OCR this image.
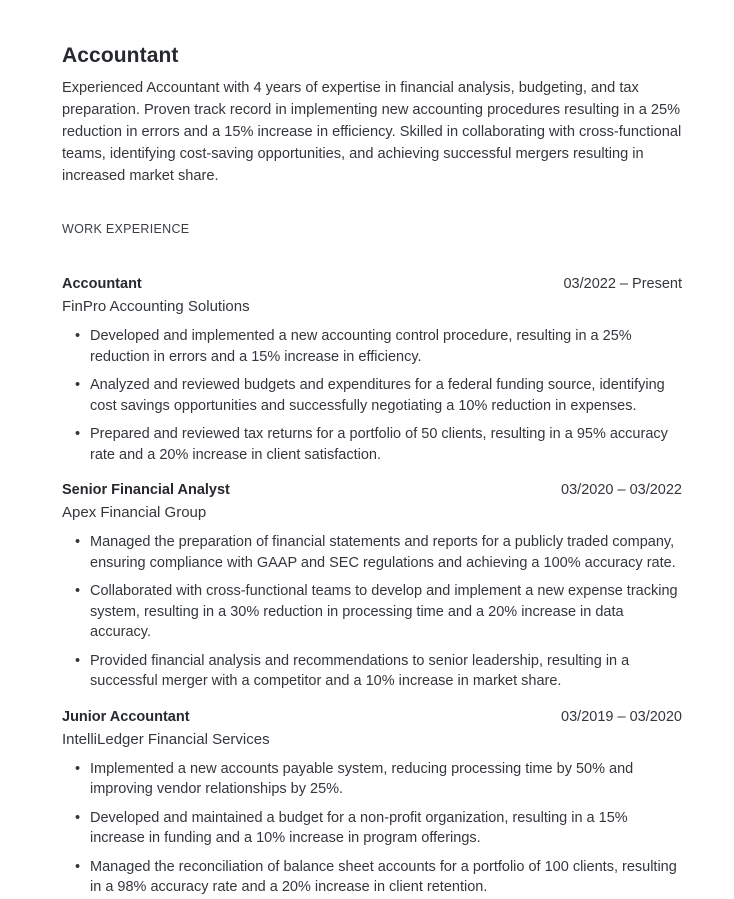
Accountant
Experienced Accountant with 4 years of expertise in financial analysis, budgeting, and tax preparation. Proven track record in implementing new accounting procedures resulting in a 25% reduction in errors and a 15% increase in efficiency. Skilled in collaborating with cross-functional teams, identifying cost-saving opportunities, and achieving successful mergers resulting in increased market share.
WORK EXPERIENCE
Accountant	03/2022 – Present
FinPro Accounting Solutions
• Developed and implemented a new accounting control procedure, resulting in a 25% reduction in errors and a 15% increase in efficiency.
• Analyzed and reviewed budgets and expenditures for a federal funding source, identifying cost savings opportunities and successfully negotiating a 10% reduction in expenses.
• Prepared and reviewed tax returns for a portfolio of 50 clients, resulting in a 95% accuracy rate and a 20% increase in client satisfaction.
Senior Financial Analyst	03/2020 – 03/2022
Apex Financial Group
• Managed the preparation of financial statements and reports for a publicly traded company, ensuring compliance with GAAP and SEC regulations and achieving a 100% accuracy rate.
• Collaborated with cross-functional teams to develop and implement a new expense tracking system, resulting in a 30% reduction in processing time and a 20% increase in data accuracy.
• Provided financial analysis and recommendations to senior leadership, resulting in a successful merger with a competitor and a 10% increase in market share.
Junior Accountant	03/2019 – 03/2020
IntelliLedger Financial Services
• Implemented a new accounts payable system, reducing processing time by 50% and improving vendor relationships by 25%.
• Developed and maintained a budget for a non-profit organization, resulting in a 15% increase in funding and a 10% increase in program offerings.
• Managed the reconciliation of balance sheet accounts for a portfolio of 100 clients, resulting in a 98% accuracy rate and a 20% increase in client retention.
